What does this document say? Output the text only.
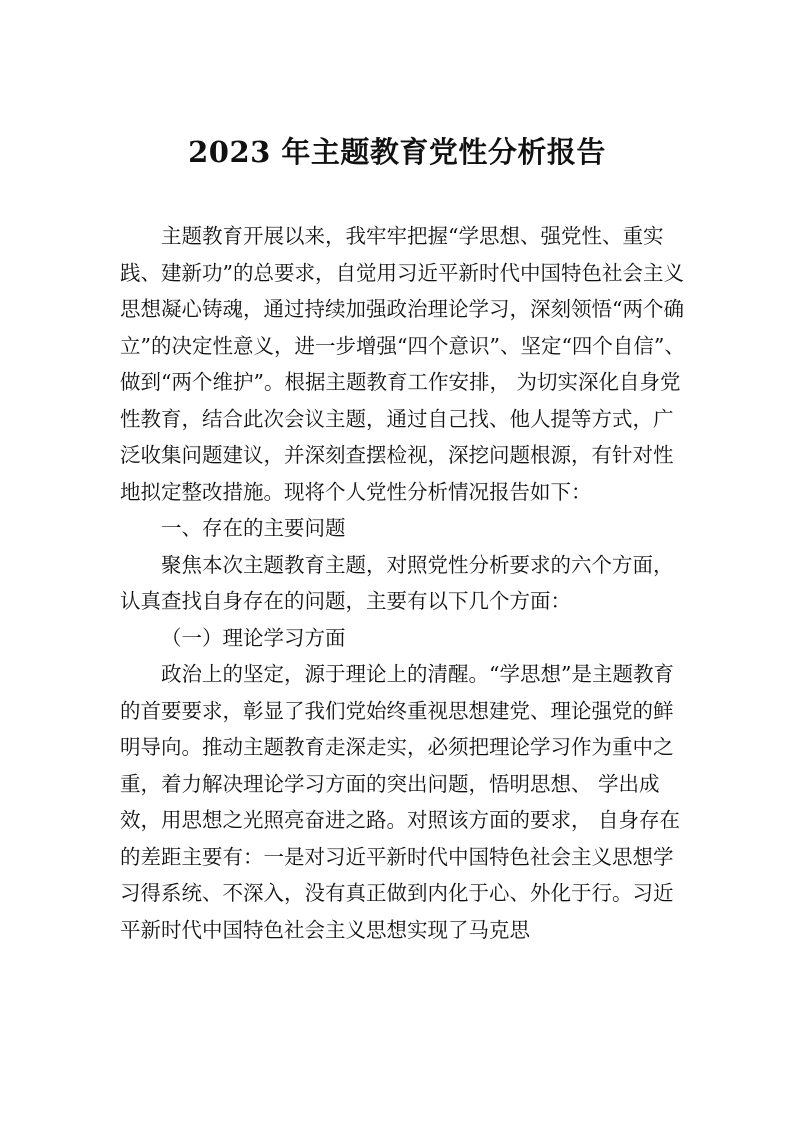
2023 年主题教育党性分析报告

主题教育开展以来，我牢牢把握“学思想、强党性、重实践、建新功”的总要求，自觉用习近平新时代中国特色社会主义思想凝心铸魂，通过持续加强政治理论学习，深刻领悟“两个确立”的决定性意义，进一步增强“四个意识”、坚定“四个自信”、做到“两个维护”。根据主题教育工作安排， 为切实深化自身党性教育，结合此次会议主题，通过自己找、他人提等方式，广泛收集问题建议，并深刻查摆检视，深挖问题根源，有针对性地拟定整改措施。现将个人党性分析情况报告如下：

一、存在的主要问题

聚焦本次主题教育主题，对照党性分析要求的六个方面，认真查找自身存在的问题，主要有以下几个方面：

（一）理论学习方面

政治上的坚定，源于理论上的清醒。“学思想”是主题教育的首要要求，彰显了我们党始终重视思想建党、理论强党的鲜明导向。推动主题教育走深走实，必须把理论学习作为重中之重，着力解决理论学习方面的突出问题，悟明思想、 学出成效，用思想之光照亮奋进之路。对照该方面的要求， 自身存在的差距主要有：一是对习近平新时代中国特色社会主义思想学习得系统、不深入，没有真正做到内化于心、外化于行。习近平新时代中国特色社会主义思想实现了马克思
